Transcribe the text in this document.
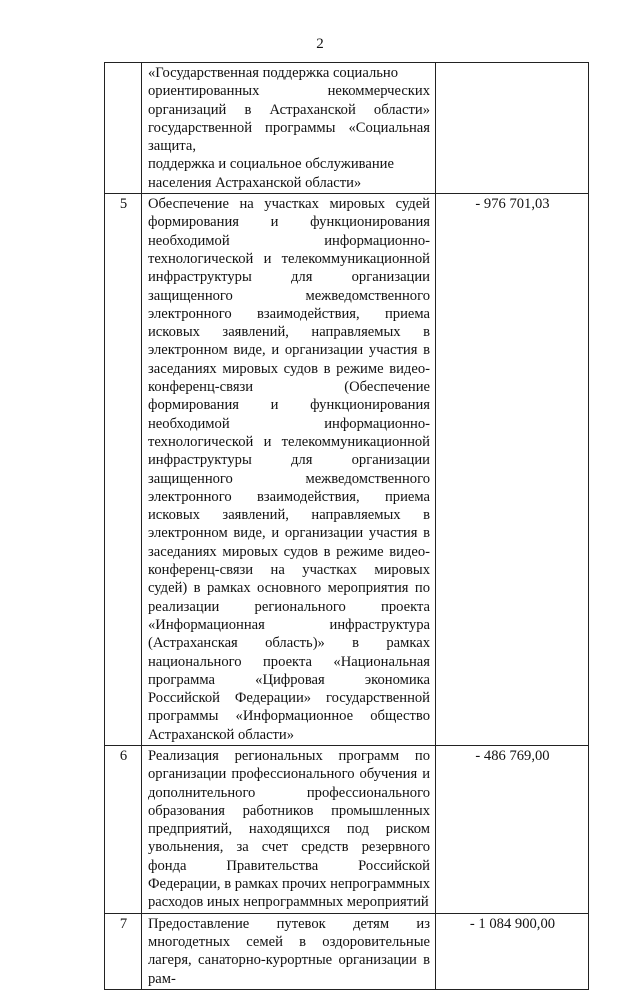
2

	«Государственная поддержка социально
ориентированных некоммерческих организаций в Астраханской области» государственной программы «Социальная защита,
поддержка и социальное обслуживание населения Астраханской области»	

5	Обеспечение на участках мировых судей формирования и функционирования необходимой информационно-технологической и телекоммуникационной инфраструктуры для организации защищенного межведомственного электронного взаимодействия, приема исковых заявлений, направляемых в электронном виде, и организации участия в заседаниях мировых судов в режиме видео-конференц-связи (Обеспечение формирования и функционирования необходимой информационно-технологической и телекоммуникационной инфраструктуры для организации защищенного межведомственного электронного взаимодействия, приема исковых заявлений, направляемых в электронном виде, и организации участия в заседаниях мировых судов в режиме видео-конференц-связи на участках мировых судей) в рамках основного мероприятия по реализации регионального проекта «Информационная инфраструктура (Астраханская область)» в рамках национального проекта «Национальная программа «Цифровая экономика Российской Федерации» государственной программы «Информационное общество Астраханской области»	- 976 701,03
6	Реализация региональных программ по организации профессионального обучения и дополнительного профессионального образования работников промышленных предприятий, находящихся под риском увольнения, за счет средств резервного фонда Правительства Российской Федерации, в рамках прочих непрограммных расходов иных непрограммных мероприятий	- 486 769,00
7	Предоставление путевок детям из многодетных семей в оздоровительные лагеря, санаторно-курортные организации в рам-	- 1 084 900,00
